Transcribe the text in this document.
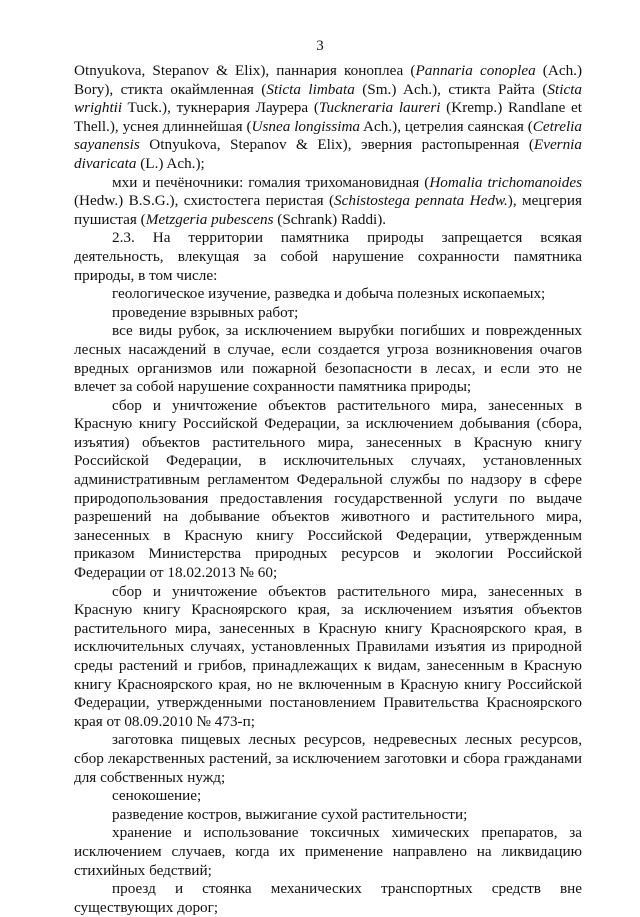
3

Otnyukova, Stepanov & Elix), паннария коноплеа (Pannaria conoplea (Ach.) Bory), стикта окаймленная (Sticta limbata (Sm.) Ach.), стикта Райта (Sticta wrightii Tuck.), тукнерария Лаурера (Tuckneraria laureri (Kremp.) Randlane et Thell.), уснея длиннейшая (Usnea longissima Ach.), цетрелия саянская (Cetrelia sayanensis Otnyukova, Stepanov & Elix), эверния растопыренная (Evernia divaricata (L.) Ach.);

мхи и печёночники: гомалия трихомановидная (Homalia trichomanoides (Hedw.) B.S.G.), схистостега перистая (Schistostega pennata Hedw.), мецгерия пушистая (Metzgeria pubescens (Schrank) Raddi).

2.3. На территории памятника природы запрещается всякая деятельность, влекущая за собой нарушение сохранности памятника природы, в том числе:

геологическое изучение, разведка и добыча полезных ископаемых;

проведение взрывных работ;

все виды рубок, за исключением вырубки погибших и поврежденных лесных насаждений в случае, если создается угроза возникновения очагов вредных организмов или пожарной безопасности в лесах, и если это не влечет за собой нарушение сохранности памятника природы;

сбор и уничтожение объектов растительного мира, занесенных в Красную книгу Российской Федерации, за исключением добывания (сбора, изъятия) объектов растительного мира, занесенных в Красную книгу Российской Федерации, в исключительных случаях, установленных административным регламентом Федеральной службы по надзору в сфере природопользования предоставления государственной услуги по выдаче разрешений на добывание объектов животного и растительного мира, занесенных в Красную книгу Российской Федерации, утвержденным приказом Министерства природных ресурсов и экологии Российской Федерации от 18.02.2013 № 60;

сбор и уничтожение объектов растительного мира, занесенных в Красную книгу Красноярского края, за исключением изъятия объектов растительного мира, занесенных в Красную книгу Красноярского края, в исключительных случаях, установленных Правилами изъятия из природной среды растений и грибов, принадлежащих к видам, занесенным в Красную книгу Красноярского края, но не включенным в Красную книгу Российской Федерации, утвержденными постановлением Правительства Красноярского края от 08.09.2010 № 473-п;

заготовка пищевых лесных ресурсов, недревесных лесных ресурсов, сбор лекарственных растений, за исключением заготовки и сбора гражданами для собственных нужд;

сенокошение;

разведение костров, выжигание сухой растительности;

хранение и использование токсичных химических препаратов, за исключением случаев, когда их применение направлено на ликвидацию стихийных бедствий;

проезд и стоянка механических транспортных средств вне существующих дорог;
